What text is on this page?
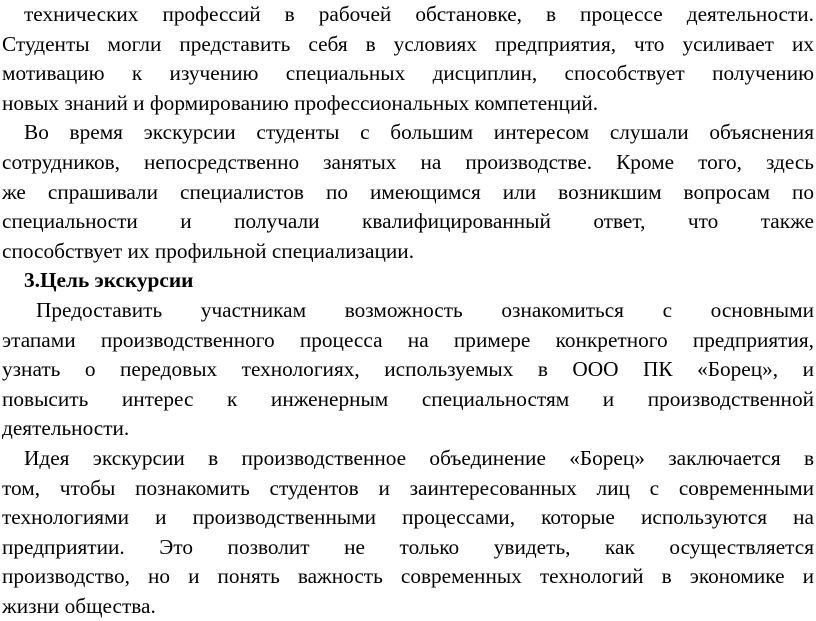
технических профессий в рабочей обстановке, в процессе деятельности.
Студенты могли представить себя в условиях предприятия, что усиливает их
мотивацию к изучению специальных дисциплин, способствует получению
новых знаний и формированию профессиональных компетенций.
Во время экскурсии студенты с большим интересом слушали объяснения
сотрудников, непосредственно занятых на производстве. Кроме того, здесь
же спрашивали специалистов по имеющимся или возникшим вопросам по
специальности и получали квалифицированный ответ, что также
способствует их профильной специализации.
3.Цель экскурсии
Предоставить участникам возможность ознакомиться с основными
этапами производственного процесса на примере конкретного предприятия,
узнать о передовых технологиях, используемых в ООО ПК «Борец», и
повысить интерес к инженерным специальностям и производственной
деятельности.
Идея экскурсии в производственное объединение «Борец» заключается в
том, чтобы познакомить студентов и заинтересованных лиц с современными
технологиями и производственными процессами, которые используются на
предприятии. Это позволит не только увидеть, как осуществляется
производство, но и понять важность современных технологий в экономике и
жизни общества.
